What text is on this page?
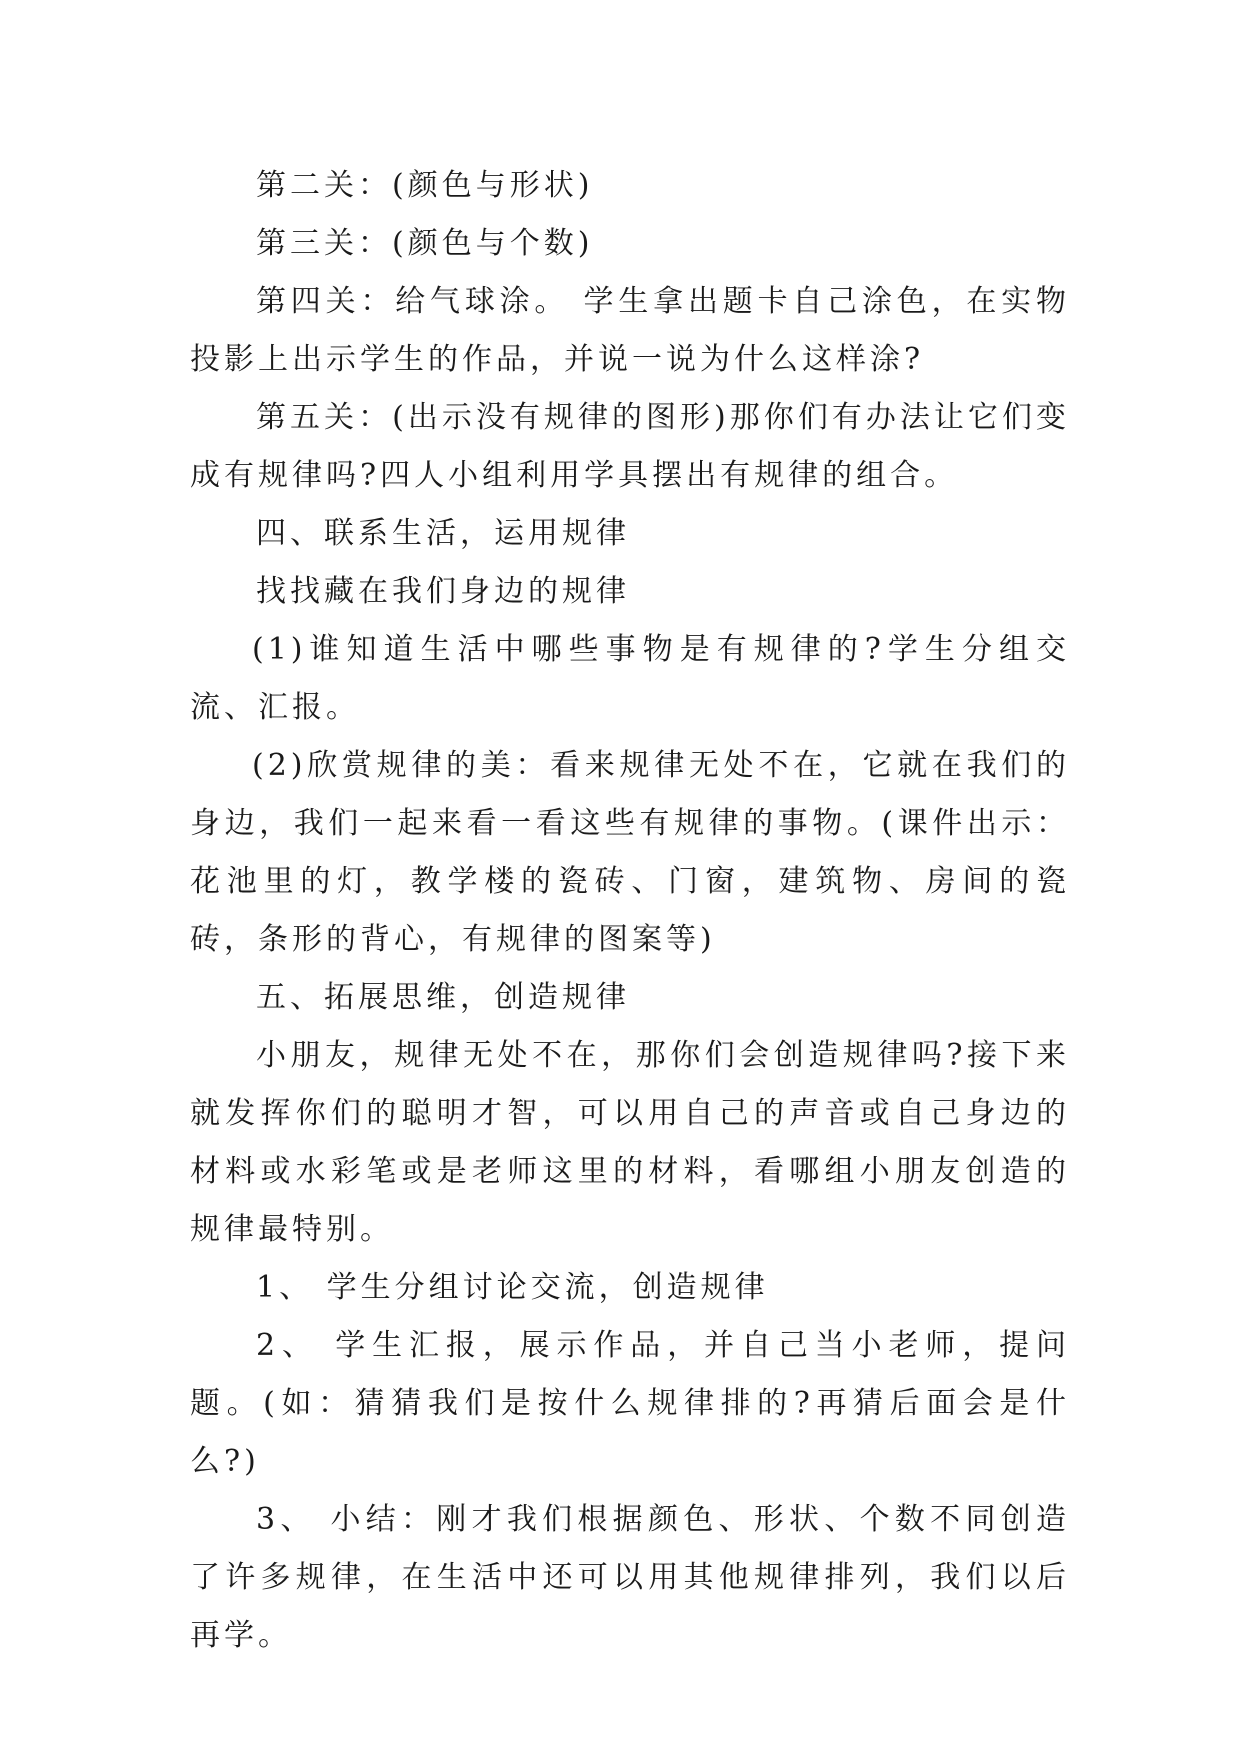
第二关：(颜色与形状)

第三关：(颜色与个数)

第四关：给气球涂。 学生拿出题卡自己涂色，在实物投影上出示学生的作品，并说一说为什么这样涂?

第五关：(出示没有规律的图形)那你们有办法让它们变成有规律吗?四人小组利用学具摆出有规律的组合。

四、联系生活，运用规律

找找藏在我们身边的规律

(1)谁知道生活中哪些事物是有规律的?学生分组交流、汇报。

(2)欣赏规律的美：看来规律无处不在，它就在我们的身边，我们一起来看一看这些有规律的事物。(课件出示：花池里的灯，教学楼的瓷砖、门窗，建筑物、房间的瓷砖，条形的背心，有规律的图案等)

五、拓展思维，创造规律

小朋友，规律无处不在，那你们会创造规律吗?接下来就发挥你们的聪明才智，可以用自己的声音或自己身边的材料或水彩笔或是老师这里的材料，看哪组小朋友创造的规律最特别。

1、 学生分组讨论交流，创造规律

2、 学生汇报，展示作品，并自己当小老师，提问题。(如：猜猜我们是按什么规律排的?再猜后面会是什么?)

3、 小结：刚才我们根据颜色、形状、个数不同创造了许多规律，在生活中还可以用其他规律排列，我们以后再学。
